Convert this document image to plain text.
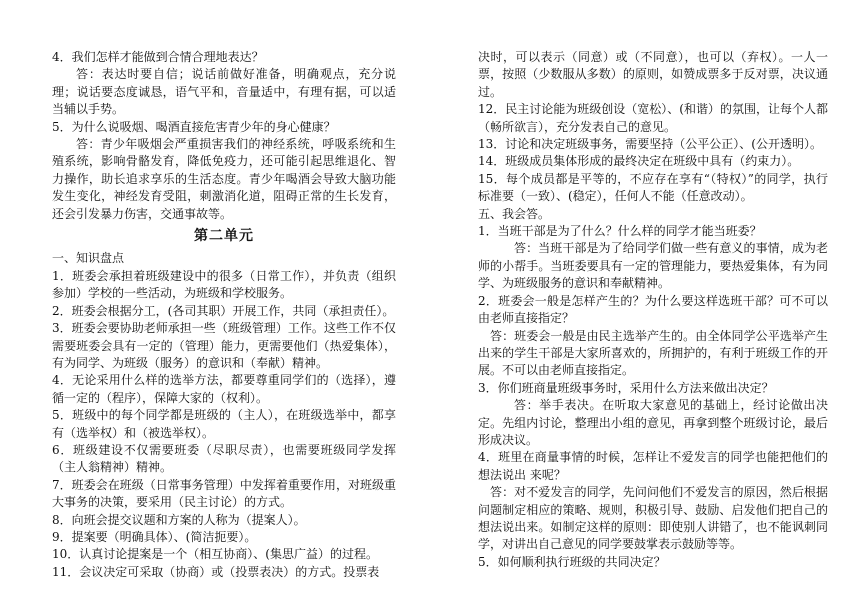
4．我们怎样才能做到合情合理地表达？

答：表达时要自信；说话前做好准备，明确观点，充分说理；说话要态度诚恳，语气平和，音量适中，有理有据，可以适当辅以手势。

5．为什么说吸烟、喝酒直接危害青少年的身心健康？

答：青少年吸烟会严重损害我们的神经系统，呼吸系统和生殖系统，影响骨骼发育，降低免疫力，还可能引起思维退化、智力操作，助长追求享乐的生活态度。青少年喝酒会导致大脑功能发生变化，神经发育受阻，刺激消化道，阻碍正常的生长发育，还会引发暴力伤害，交通事故等。

第二单元

一、知识盘点

1．班委会承担着班级建设中的很多（日常工作），并负责（组织参加）学校的一些活动，为班级和学校服务。

2．班委会根据分工，(各司其职）开展工作，共同（承担责任）。

3．班委会要协助老师承担一些（班级管理）工作。这些工作不仅需要班委会具有一定的（管理）能力，更需要他们（热爱集体），有为同学、为班级（服务）的意识和（奉献）精神。

4．无论采用什么样的选举方法，都要尊重同学们的（选择），遵循一定的（程序），保障大家的（权利）。

5．班级中的每个同学都是班级的（主人），在班级选举中，都享有（选举权）和（被选举权）。

6．班级建设不仅需要班委（尽职尽责），也需要班级同学发挥（主人翁精神）精神。

7．班委会在班级（日常事务管理）中发挥着重要作用，对班级重大事务的决策，要采用（民主讨论）的方式。

8．向班会提交议题和方案的人称为（提案人）。

9．提案要（明确具体）、(简洁扼要）。

10．认真讨论提案是一个（相互协商）、(集思广益）的过程。

11．会议决定可采取（协商）或（投票表决）的方式。投票表

决时，可以表示（同意）或（不同意），也可以（弃权）。一人一票，按照（少数服从多数）的原则，如赞成票多于反对票，决议通过。

12．民主讨论能为班级创设（宽松）、(和谐）的氛围，让每个人都（畅所欲言），充分发表自己的意见。

13．讨论和决定班级事务，需要坚持（公平公正）、(公开透明）。

14．班级成员集体形成的最终决定在班级中具有（约束力）。

15．每个成员都是平等的，不应存在享有“（特权）”的同学，执行标准要（一致）、(稳定），任何人不能（任意改动）。

五、我会答。

1．当班干部是为了什么？什么样的同学才能当班委？

答：当班干部是为了给同学们做一些有意义的事情，成为老师的小帮手。当班委要具有一定的管理能力，要热爱集体，有为同学、为班级服务的意识和奉献精神。

2．班委会一般是怎样产生的？为什么要这样选班干部？可不可以由老师直接指定？

答：班委会一般是由民主选举产生的。由全体同学公平选举产生出来的学生干部是大家所喜欢的，所拥护的，有利于班级工作的开展。不可以由老师直接指定。

3．你们班商量班级事务时，采用什么方法来做出决定？

答：举手表决。在听取大家意见的基础上，经讨论做出决定。先组内讨论，整理出小组的意见，再拿到整个班级讨论，最后形成决议。

4．班里在商量事情的时候，怎样让不爱发言的同学也能把他们的想法说出 来呢？

答：对不爱发言的同学，先问问他们不爱发言的原因，然后根据问题制定相应的策略、规则，积极引导、鼓励、启发他们把自己的想法说出来。如制定这样的原则：即使别人讲错了，也不能讽刺同学，对讲出自己意见的同学要鼓掌表示鼓励等等。

5．如何顺利执行班级的共同决定？
